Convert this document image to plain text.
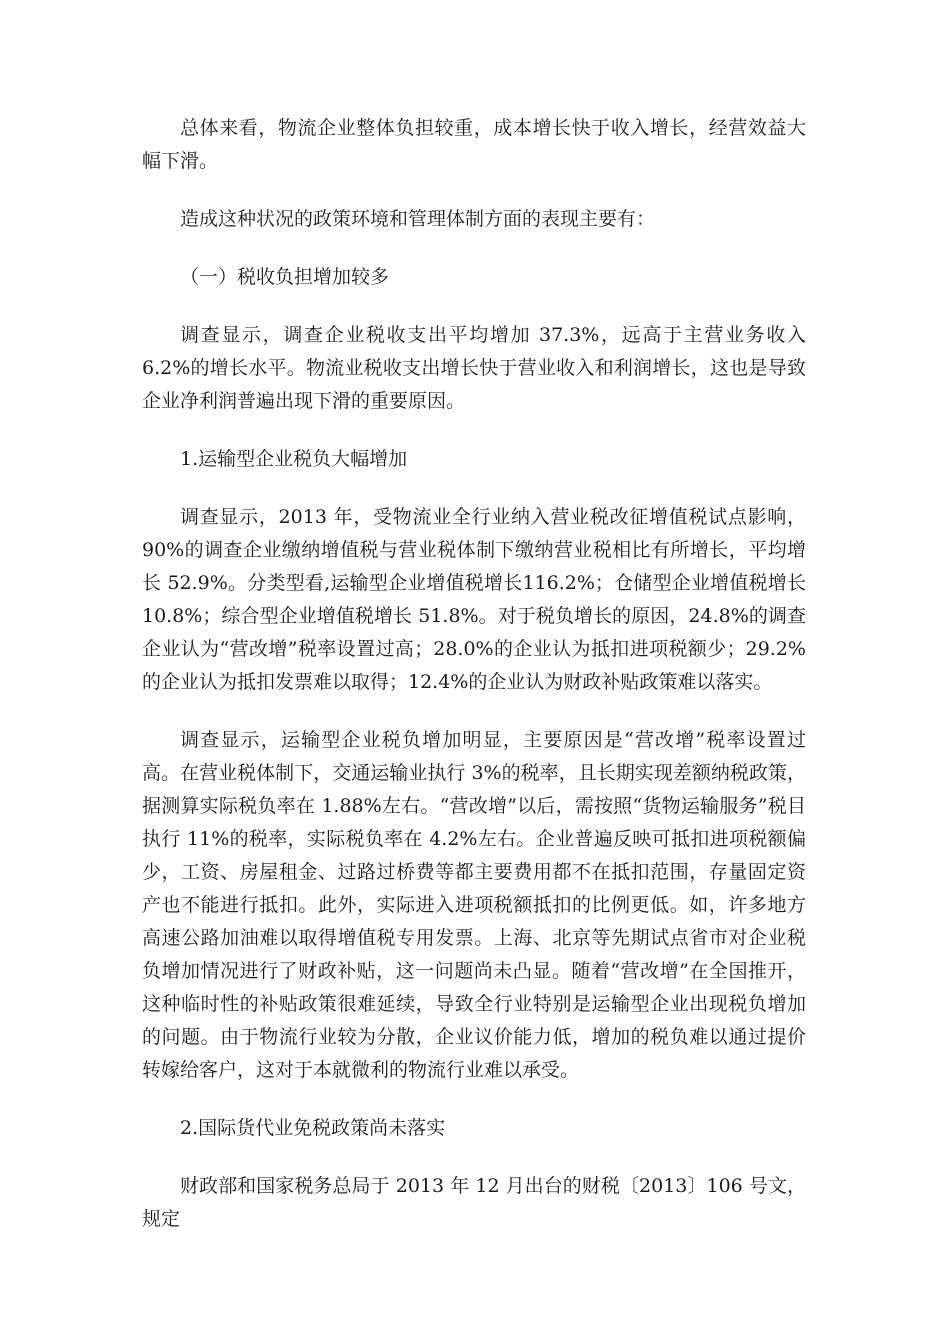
总体来看，物流企业整体负担较重，成本增长快于收入增长，经营效益大幅下滑。

造成这种状况的政策环境和管理体制方面的表现主要有：

（一）税收负担增加较多

调查显示，调查企业税收支出平均增加 37.3%，远高于主营业务收入 6.2%的增长水平。物流业税收支出增长快于营业收入和利润增长，这也是导致企业净利润普遍出现下滑的重要原因。

1.运输型企业税负大幅增加

调查显示，2013 年，受物流业全行业纳入营业税改征增值税试点影响，90%的调查企业缴纳增值税与营业税体制下缴纳营业税相比有所增长，平均增长 52.9%。分类型看,运输型企业增值税增长116.2%；仓储型企业增值税增长 10.8%；综合型企业增值税增长 51.8%。对于税负增长的原因，24.8%的调查企业认为“营改增”税率设置过高；28.0%的企业认为抵扣进项税额少；29.2%的企业认为抵扣发票难以取得；12.4%的企业认为财政补贴政策难以落实。

调查显示，运输型企业税负增加明显，主要原因是“营改增”税率设置过高。在营业税体制下，交通运输业执行 3%的税率，且长期实现差额纳税政策，据测算实际税负率在 1.88%左右。“营改增”以后，需按照“货物运输服务”税目执行 11%的税率，实际税负率在 4.2%左右。企业普遍反映可抵扣进项税额偏少，工资、房屋租金、过路过桥费等都主要费用都不在抵扣范围，存量固定资产也不能进行抵扣。此外，实际进入进项税额抵扣的比例更低。如，许多地方高速公路加油难以取得增值税专用发票。上海、北京等先期试点省市对企业税负增加情况进行了财政补贴，这一问题尚未凸显。随着“营改增”在全国推开，这种临时性的补贴政策很难延续，导致全行业特别是运输型企业出现税负增加的问题。由于物流行业较为分散，企业议价能力低，增加的税负难以通过提价转嫁给客户，这对于本就微利的物流行业难以承受。

2.国际货代业免税政策尚未落实

财政部和国家税务总局于 2013 年 12 月出台的财税〔2013〕106 号文，规定
